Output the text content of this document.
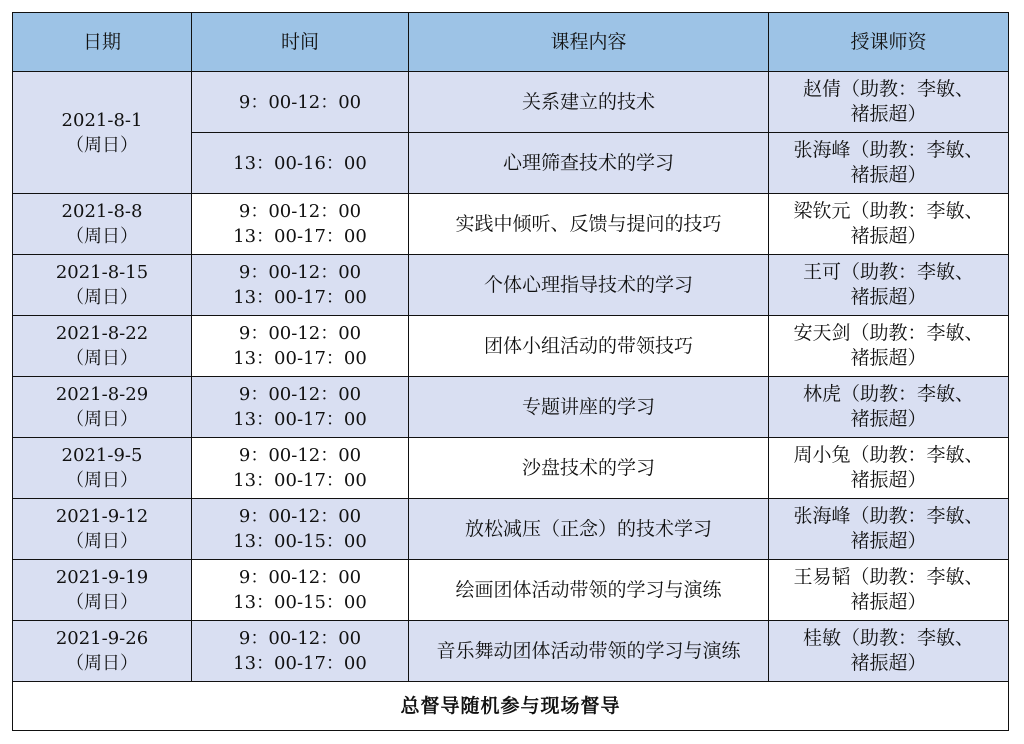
日期	时间	课程内容	授课师资

2021-8-1
（周日）	9：00-12：00	关系建立的技术	赵倩（助教：李敏、
褚振超）

	13：00-16：00	心理筛查技术的学习	张海峰（助教：李敏、
褚振超）

2021-8-8
（周日）	9：00-12：00
13：00-17：00	实践中倾听、反馈与提问的技巧	梁钦元（助教：李敏、
褚振超）

2021-8-15
（周日）	9：00-12：00
13：00-17：00	个体心理指导技术的学习	王可（助教：李敏、
褚振超）

2021-8-22
（周日）	9：00-12：00
13：00-17：00	团体小组活动的带领技巧	安天剑（助教：李敏、
褚振超）

2021-8-29
（周日）	9：00-12：00
13：00-17：00	专题讲座的学习	林虎（助教：李敏、
褚振超）

2021-9-5
（周日）	9：00-12：00
13：00-17：00	沙盘技术的学习	周小兔（助教：李敏、
褚振超）

2021-9-12
（周日）	9：00-12：00
13：00-15：00	放松减压（正念）的技术学习	张海峰（助教：李敏、
褚振超）

2021-9-19
（周日）	9：00-12：00
13：00-15：00	绘画团体活动带领的学习与演练	王易韬（助教：李敏、
褚振超）

2021-9-26
（周日）	9：00-12：00
13：00-17：00	音乐舞动团体活动带领的学习与演练	桂敏（助教：李敏、
褚振超）

总督导随机参与现场督导			
